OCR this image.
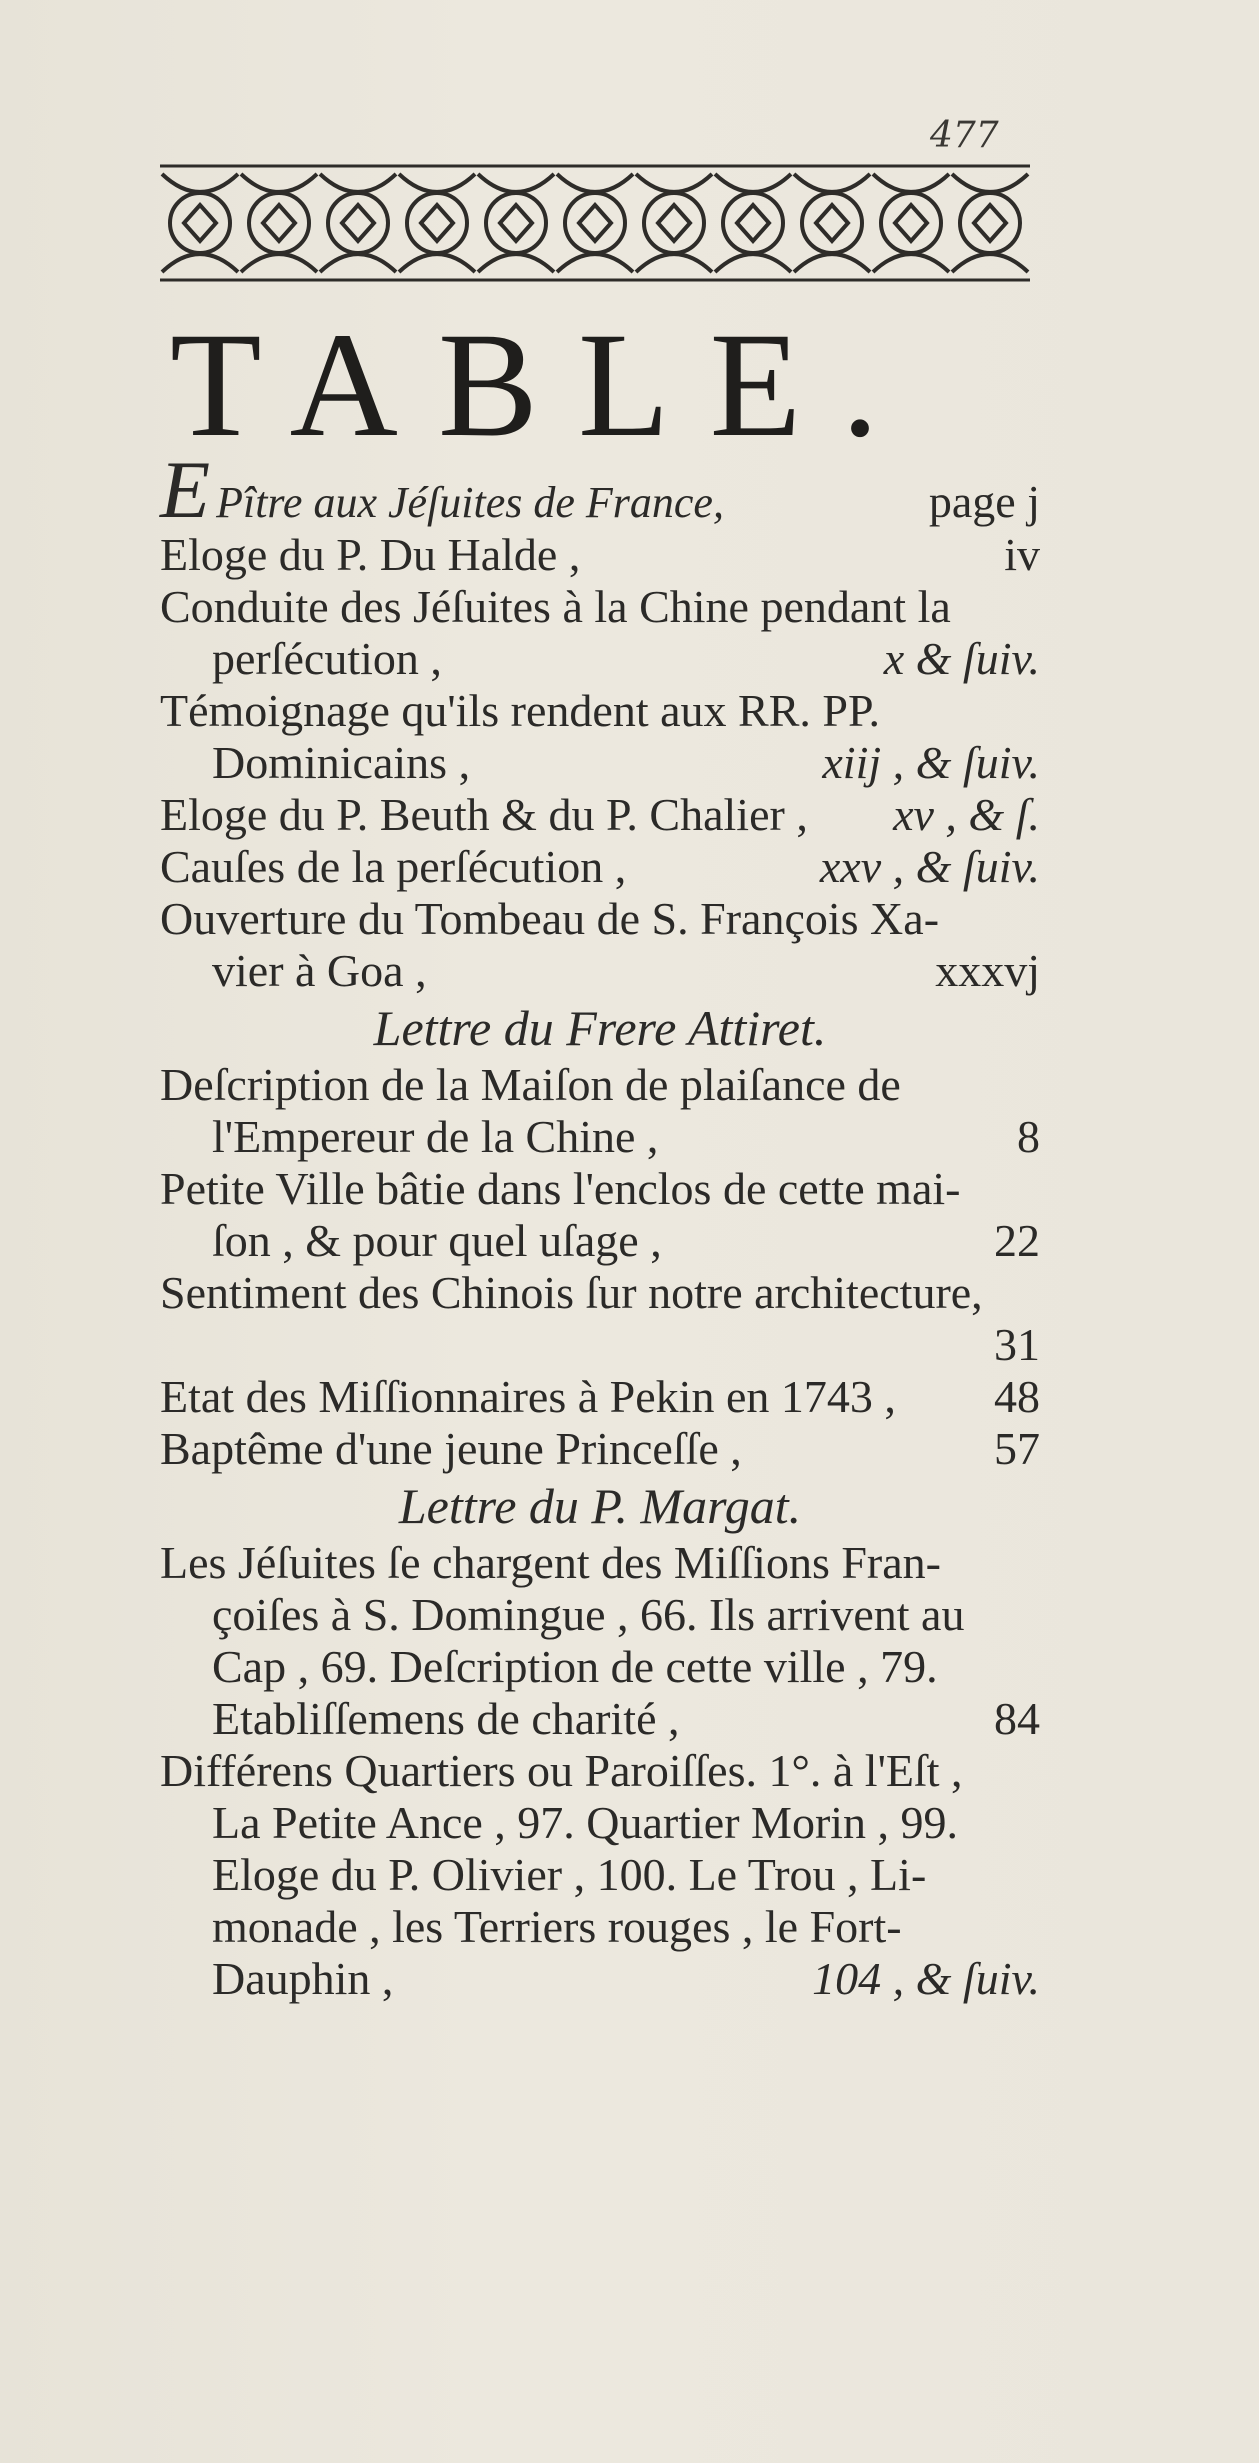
477
TABLE.
E Pître aux Jéſuites de France,	page j
Eloge du P. Du Halde ,	iv
Conduite des Jéſuites à la Chine pendant la
perſécution ,	x & ſuiv.
Témoignage qu'ils rendent aux RR. PP.
Dominicains ,	xiij , & ſuiv.
Eloge du P. Beuth & du P. Chalier , xv , & ſ.
Cauſes de la perſécution ,	xxv , & ſuiv.
Ouverture du Tombeau de S. François Xa-
vier à Goa ,	xxxvj
Lettre du Frere Attiret.
Deſcription de la Maiſon de plaiſance de
l'Empereur de la Chine ,	8
Petite Ville bâtie dans l'enclos de cette mai-
ſon , & pour quel uſage ,	22
Sentiment des Chinois ſur notre architecture,
31
Etat des Miſſionnaires à Pekin en 1743 , 48
Baptême d'une jeune Princeſſe ,	57
Lettre du P. Margat.
Les Jéſuites ſe chargent des Miſſions Fran-
çoiſes à S. Domingue , 66. Ils arrivent au
Cap , 69. Deſcription de cette ville , 79.
Etabliſſemens de charité ,	84
Différens Quartiers ou Paroiſſes. 1°. à l'Eſt ,
La Petite Ance , 97. Quartier Morin , 99.
Eloge du P. Olivier , 100. Le Trou , Li-
monade , les Terriers rouges , le Fort-
Dauphin ,	104 , & ſuiv.
